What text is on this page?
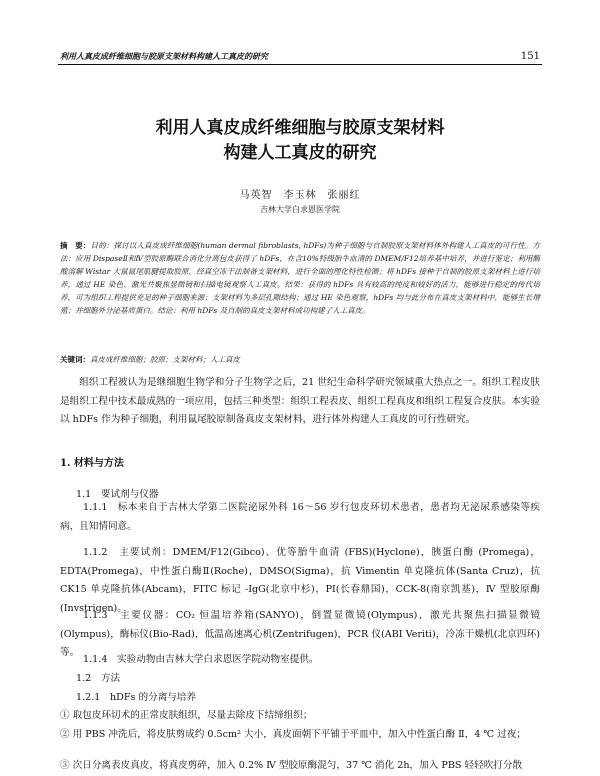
利用人真皮成纤维细胞与胶原支架材料构建人工真皮的研究	151
利用人真皮成纤维细胞与胶原支架材料
构建人工真皮的研究
马英智　李玉林　张丽红
吉林大学白求恩医学院
摘　要：目的：探讨以人真皮成纤维细胞(human dermal fibroblasts, hDFs)为种子细胞与自制胶原支架材料体外构建人工真皮的可行性。方法：应用 DispaseⅡ和Ⅳ型胶原酶联合消化分离包皮获得了 hDFs，在含10%特级胎牛血清的 DMEM/F12培养基中培养，并进行鉴定；利用酶酸溶解 Wistar 大鼠鼠尾肌腱提取胶原，经真空冻干法制备支架材料，进行全面的理化特性检测；将 hDFs 接种于自制的胶原支架材料上进行培养，通过 HE 染色、激光共聚焦显微镜和扫描电镜观察人工真皮。结果：获得的 hDFs 具有较高的纯度和较好的活力，能够进行稳定的传代培养，可为组织工程提供充足的种子细胞来源；支架材料为多层孔隙结构；通过 HE 染色观察，hDFs 均与此分布在真皮支架材料中，能够生长增殖；并细胞外分泌基质蛋白。结论：利用 hDFs 及自制的真皮支架材料成功构建了人工真皮。
关键词：真皮成纤维细胞；胶原；支架材料；人工真皮
组织工程被认为是继细胞生物学和分子生物学之后，21 世纪生命科学研究领域重大热点之一。组织工程皮肤是组织工程中技术最成熟的一项应用，包括三种类型：组织工程表皮、组织工程真皮和组织工程复合皮肤。本实验以 hDFs 作为种子细胞，利用鼠尾胶原制备真皮支架材料，进行体外构建人工真皮的可行性研究。
1. 材料与方法
1.1　要试剂与仪器
1.1.1　标本来自于吉林大学第二医院泌尿外科 16～56 岁行包皮环切术患者，患者均无泌尿系感染等疾病，且知情同意。
1.1.2　主要试剂：DMEM/F12(Gibco)、优等胎牛血清 (FBS)(Hyclone)，胰蛋白酶 (Promega)，EDTA(Promega)，中性蛋白酶Ⅱ(Roche)，DMSO(Sigma)，抗 Vimentin 单克隆抗体(Santa Cruz)，抗 CK15 单克隆抗体(Abcam)，FITC 标记 -IgG(北京中杉)，PI(长春鼎国)，CCK-8(南京凯基)，Ⅳ 型胶原酶(Invstrigen)。
1.1.3　主要仪器：CO₂ 恒温培养箱(SANYO)，倒置显微镜(Olympus)，激光共聚焦扫描显微镜(Olympus)，酶标仪(Bio-Rad)，低温高速离心机(Zentrifugen)，PCR 仪(ABI Veriti)，冷冻干燥机(北京四环)等。
1.1.4　实验动物由吉林大学白求恩医学院动物室提供。
1.2　方法
1.2.1　hDFs 的分离与培养
① 取包皮环切术的正常皮肤组织，尽量去除皮下结缔组织；
② 用 PBS 冲洗后，将皮肤剪成约 0.5cm² 大小，真皮面朝下平铺于平皿中，加入中性蛋白酶 Ⅱ，4 ℃ 过夜；
③ 次日分离表皮真皮，将真皮剪碎，加入 0.2% Ⅳ 型胶原酶混匀，37 ℃ 消化 2h，加入 PBS 轻轻吹打分散
